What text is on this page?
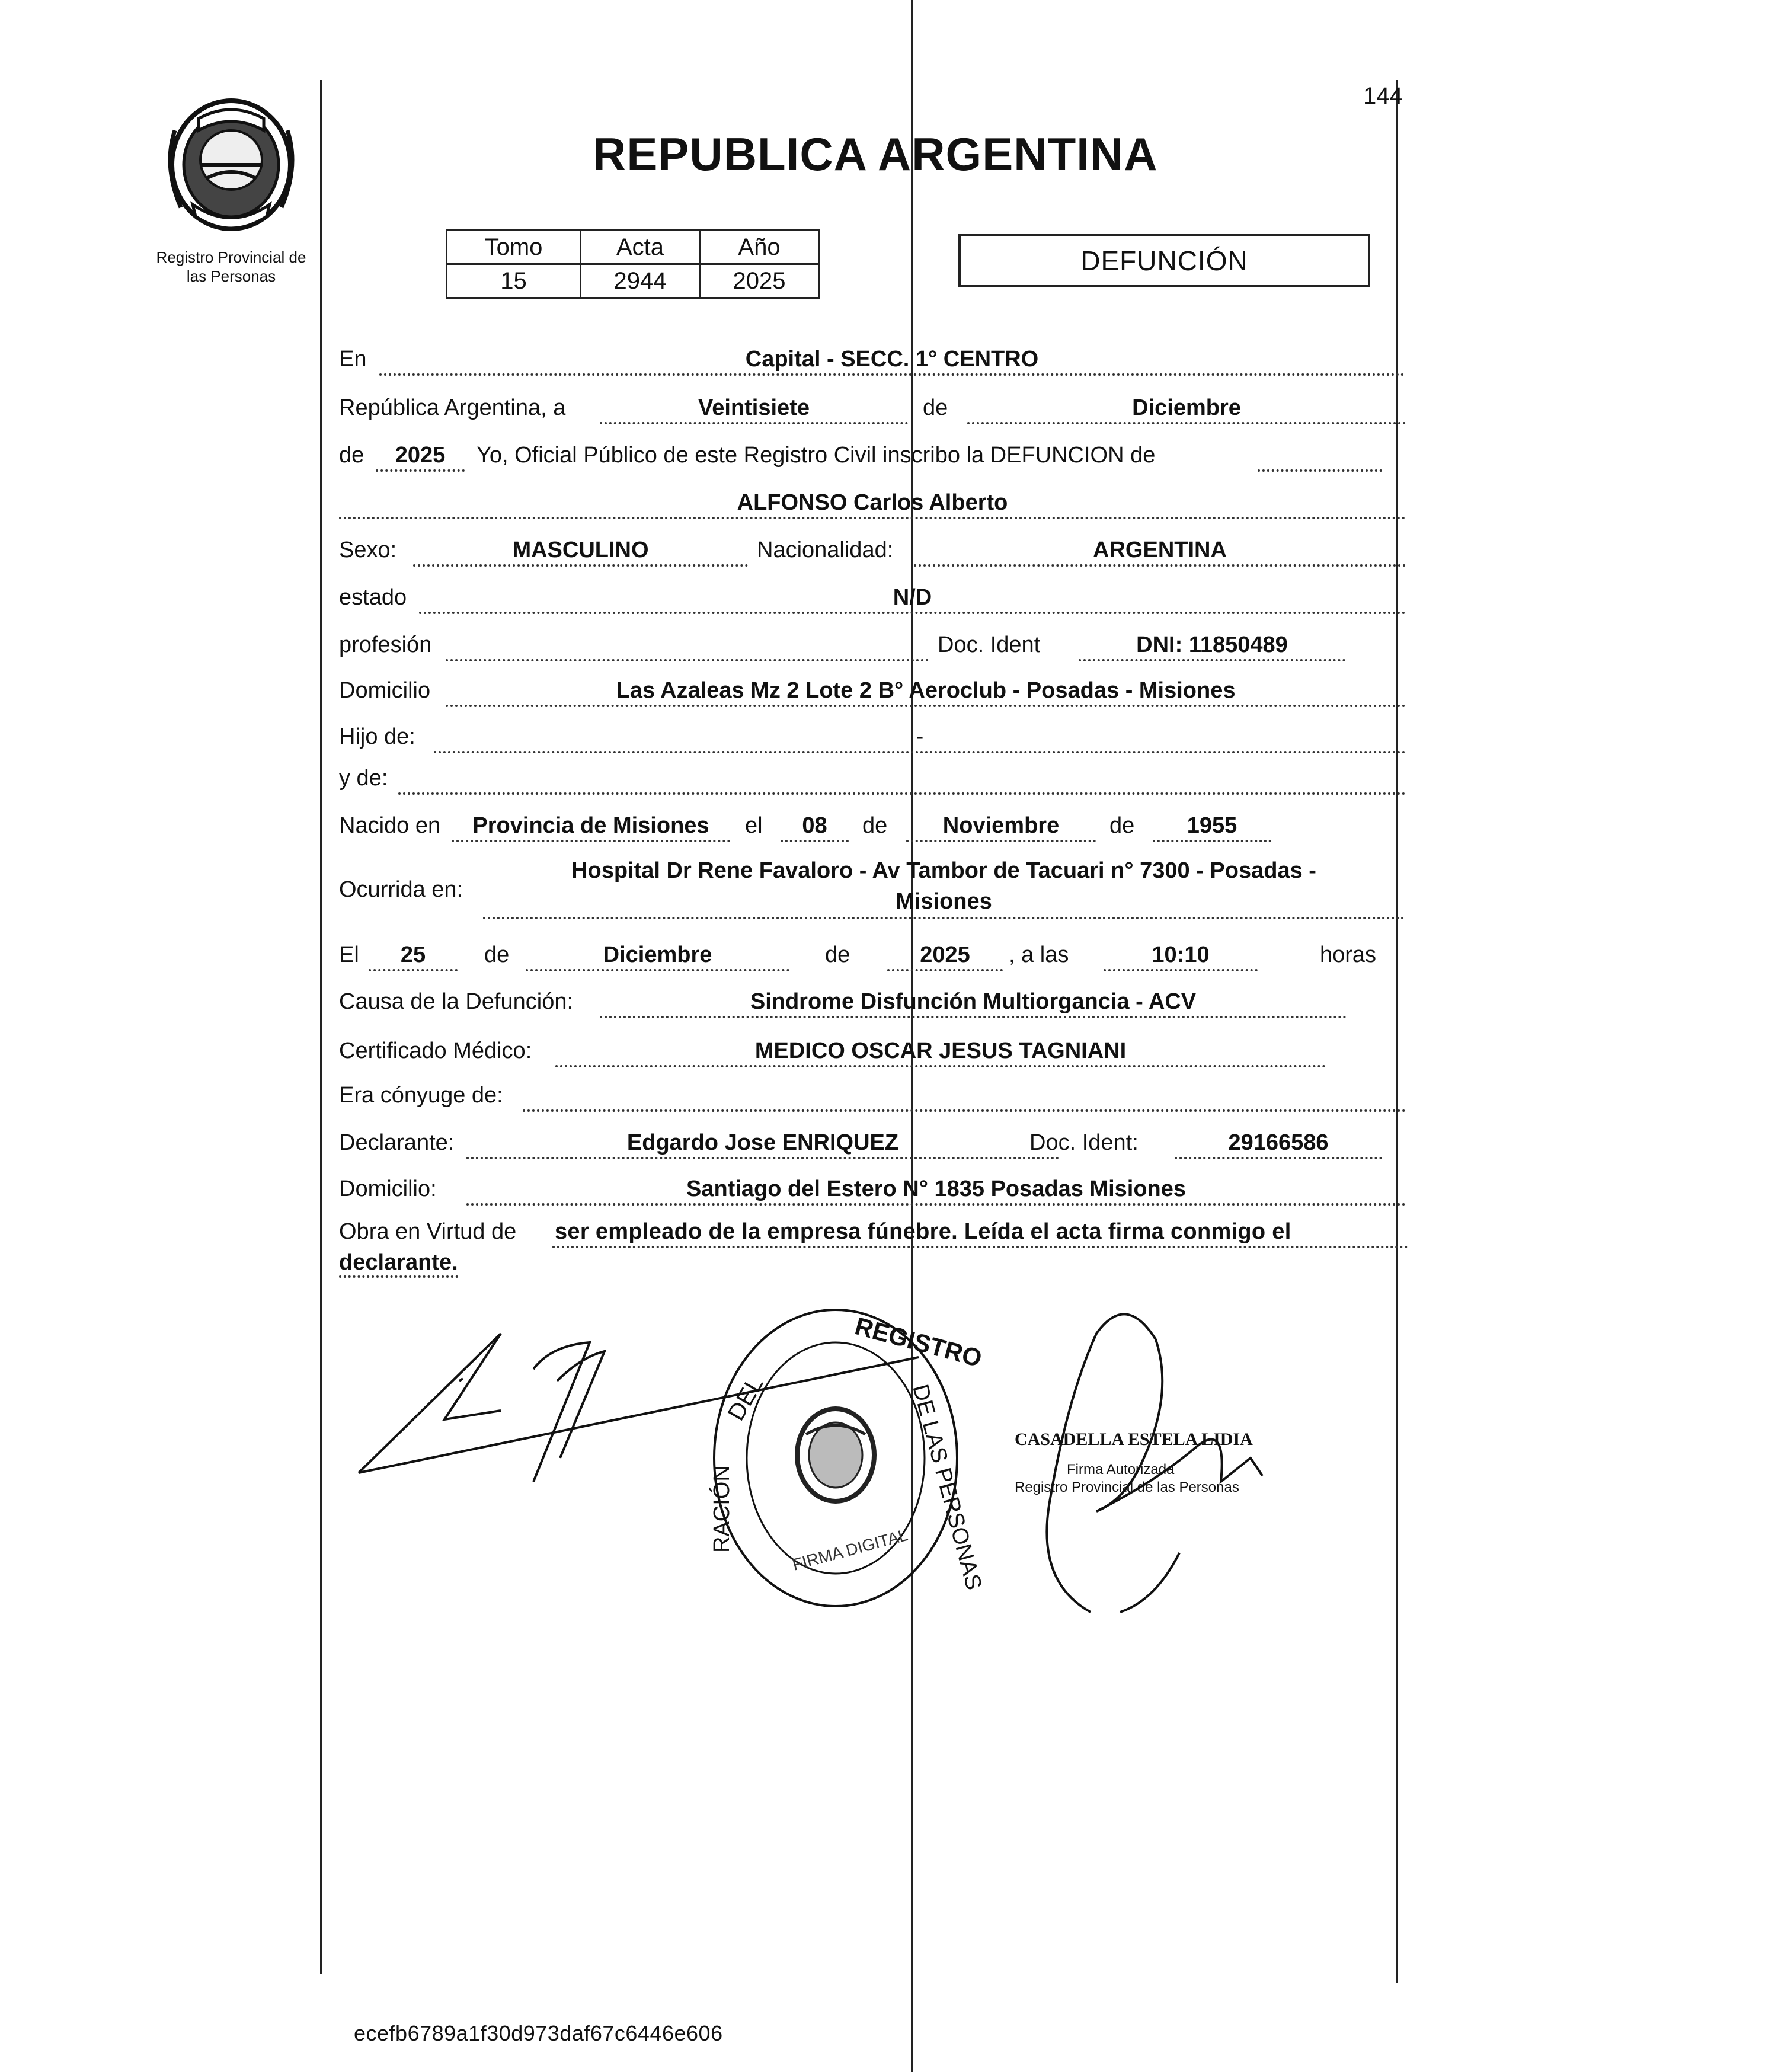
144
REPUBLICA ARGENTINA
Registro Provincial de
las Personas
Tomo	Acta	Año
15	2944	2025
DEFUNCIÓN
En	Capital - SECC. 1° CENTRO
República Argentina, a	Veintisiete	de	Diciembre
de	2025	Yo, Oficial Público de este Registro Civil inscribo la DEFUNCION de
ALFONSO Carlos Alberto
Sexo:	MASCULINO	Nacionalidad:	ARGENTINA
estado	N/D
profesión	Doc. Ident	DNI: 11850489
Domicilio	Las Azaleas Mz 2 Lote 2 B° Aeroclub - Posadas - Misiones
Hijo de:	-
y de:
Nacido en	Provincia de Misiones	el	08	de	Noviembre	de	1955
Ocurrida en:
Hospital Dr Rene Favaloro - Av Tambor de Tacuari n° 7300 - Posadas -
Misiones
El	25	de	Diciembre	de	2025	, a las	10:10	horas
Causa de la Defunción:	Sindrome Disfunción Multiorgancia - ACV
Certificado Médico:	MEDICO OSCAR JESUS TAGNIANI
Era cónyuge de:
Declarante:	Edgardo Jose ENRIQUEZ	Doc. Ident:	29166586
Domicilio:	Santiago del Estero N° 1835 Posadas Misiones
Obra en Virtud de ser empleado de la empresa fúnebre. Leída el acta firma conmigo el
declarante.
REGISTRO
DEL	DE LAS PERSONAS
RACIÓN	FIRMA DIGITAL
CASADELLA ESTELA LIDIA
Firma Autorizada
Registro Provincial de las Personas
ecefb6789a1f30d973daf67c6446e606
